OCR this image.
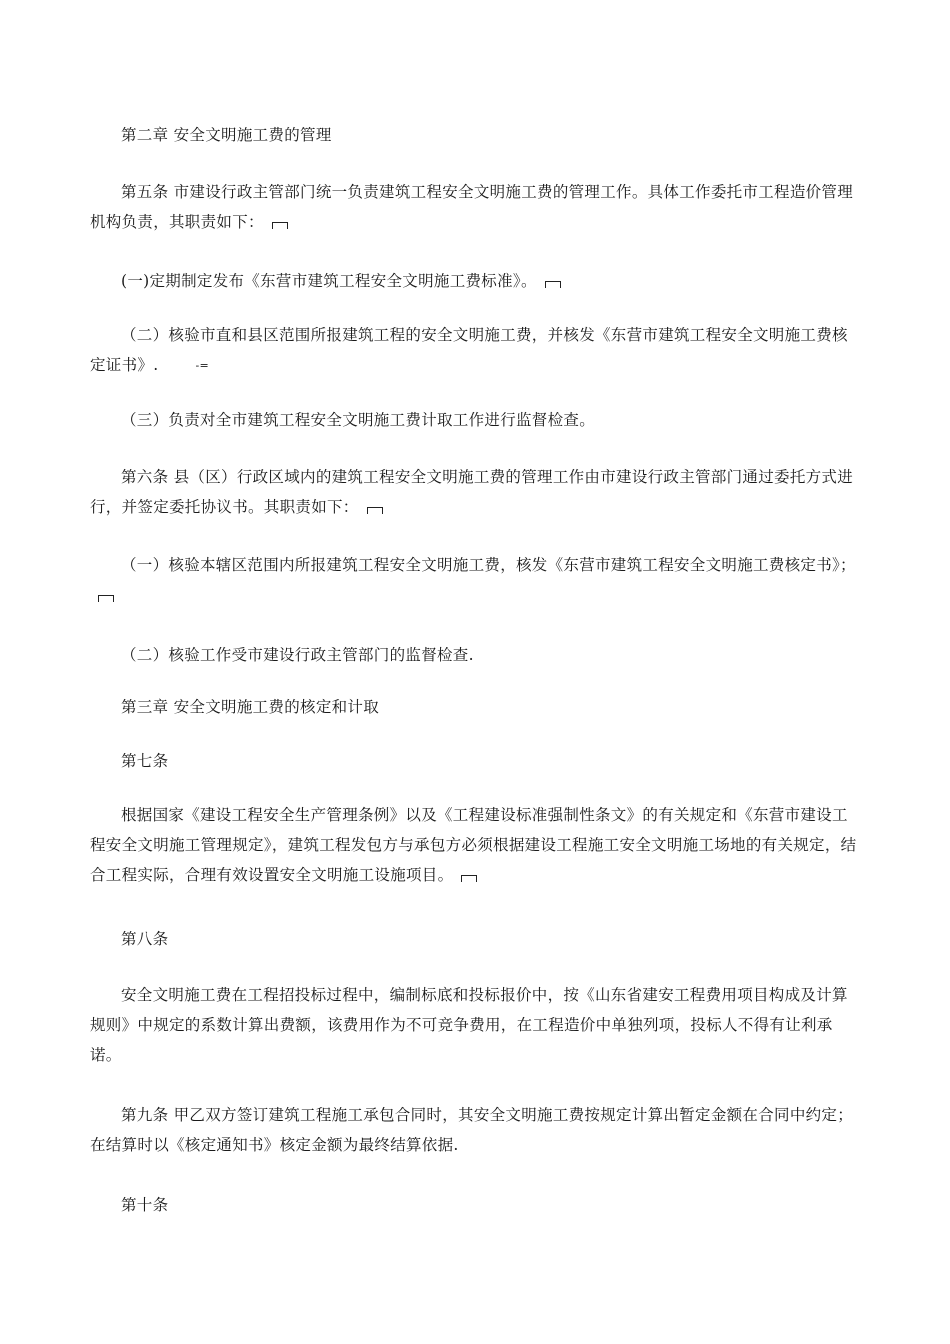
第二章 安全文明施工费的管理

第五条 市建设行政主管部门统一负责建筑工程安全文明施工费的管理工作。具体工作委托市工程造价管理机构负责，其职责如下：

(一)定期制定发布《东营市建筑工程安全文明施工费标准》。

（二）核验市直和县区范围所报建筑工程的安全文明施工费，并核发《东营市建筑工程安全文明施工费核定证书》.	-=

（三）负责对全市建筑工程安全文明施工费计取工作进行监督检查。

第六条 县（区）行政区域内的建筑工程安全文明施工费的管理工作由市建设行政主管部门通过委托方式进行，并签定委托协议书。其职责如下：

（一）核验本辖区范围内所报建筑工程安全文明施工费，核发《东营市建筑工程安全文明施工费核定书》；

（二）核验工作受市建设行政主管部门的监督检查.

第三章 安全文明施工费的核定和计取

第七条

根据国家《建设工程安全生产管理条例》以及《工程建设标准强制性条文》的有关规定和《东营市建设工程安全文明施工管理规定》，建筑工程发包方与承包方必须根据建设工程施工安全文明施工场地的有关规定，结合工程实际，合理有效设置安全文明施工设施项目。

第八条

安全文明施工费在工程招投标过程中，编制标底和投标报价中，按《山东省建安工程费用项目构成及计算规则》中规定的系数计算出费额，该费用作为不可竞争费用，在工程造价中单独列项，投标人不得有让利承诺。

第九条 甲乙双方签订建筑工程施工承包合同时，其安全文明施工费按规定计算出暂定金额在合同中约定；在结算时以《核定通知书》核定金额为最终结算依据.

第十条
